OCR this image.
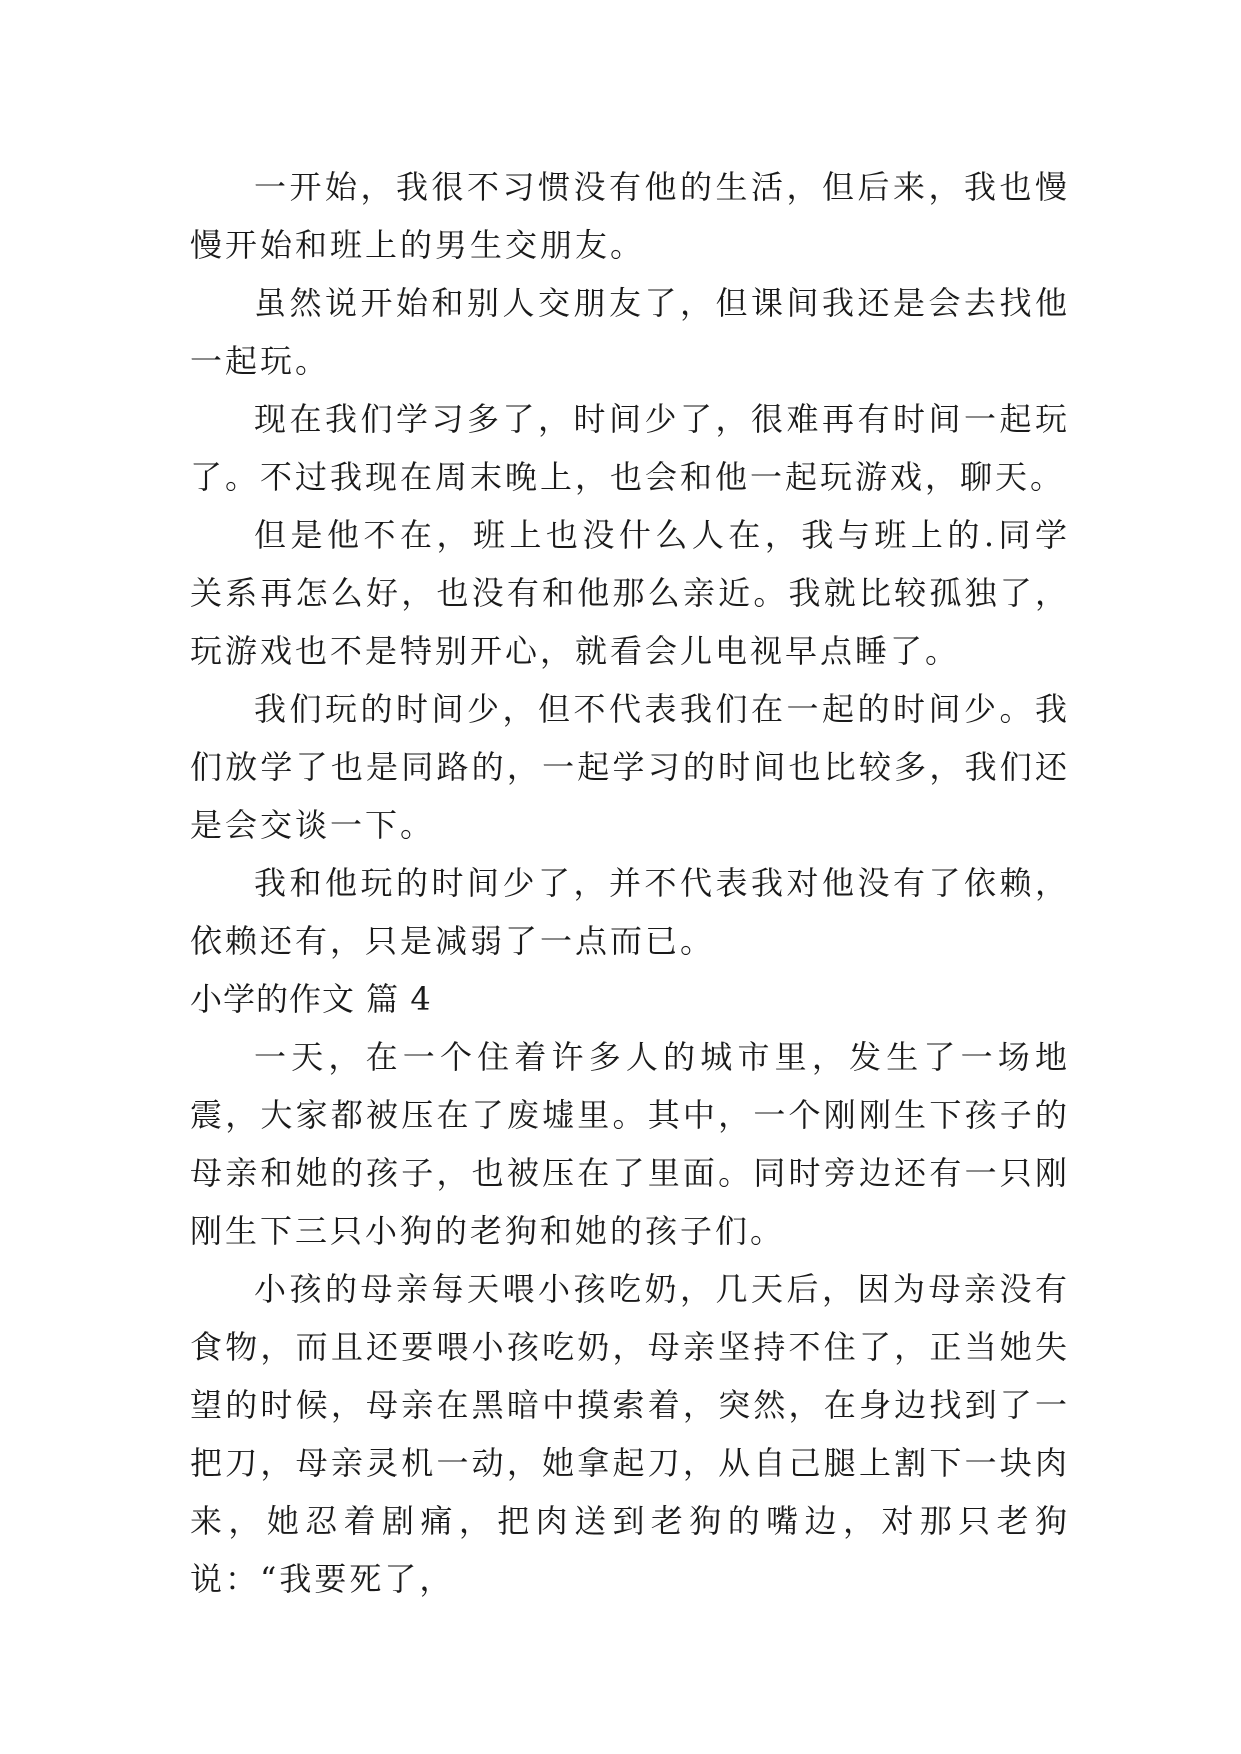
一开始，我很不习惯没有他的生活，但后来，我也慢慢开始和班上的男生交朋友。

虽然说开始和别人交朋友了，但课间我还是会去找他一起玩。

现在我们学习多了，时间少了，很难再有时间一起玩了。不过我现在周末晚上，也会和他一起玩游戏，聊天。

但是他不在，班上也没什么人在，我与班上的.同学关系再怎么好，也没有和他那么亲近。我就比较孤独了，玩游戏也不是特别开心，就看会儿电视早点睡了。

我们玩的时间少，但不代表我们在一起的时间少。我们放学了也是同路的，一起学习的时间也比较多，我们还是会交谈一下。

我和他玩的时间少了，并不代表我对他没有了依赖，依赖还有，只是减弱了一点而已。

小学的作文 篇 4

一天，在一个住着许多人的城市里，发生了一场地震，大家都被压在了废墟里。其中，一个刚刚生下孩子的母亲和她的孩子，也被压在了里面。同时旁边还有一只刚刚生下三只小狗的老狗和她的孩子们。

小孩的母亲每天喂小孩吃奶，几天后，因为母亲没有食物，而且还要喂小孩吃奶，母亲坚持不住了，正当她失望的时候，母亲在黑暗中摸索着，突然，在身边找到了一把刀，母亲灵机一动，她拿起刀，从自己腿上割下一块肉来，她忍着剧痛，把肉送到老狗的嘴边，对那只老狗说：“我要死了，
